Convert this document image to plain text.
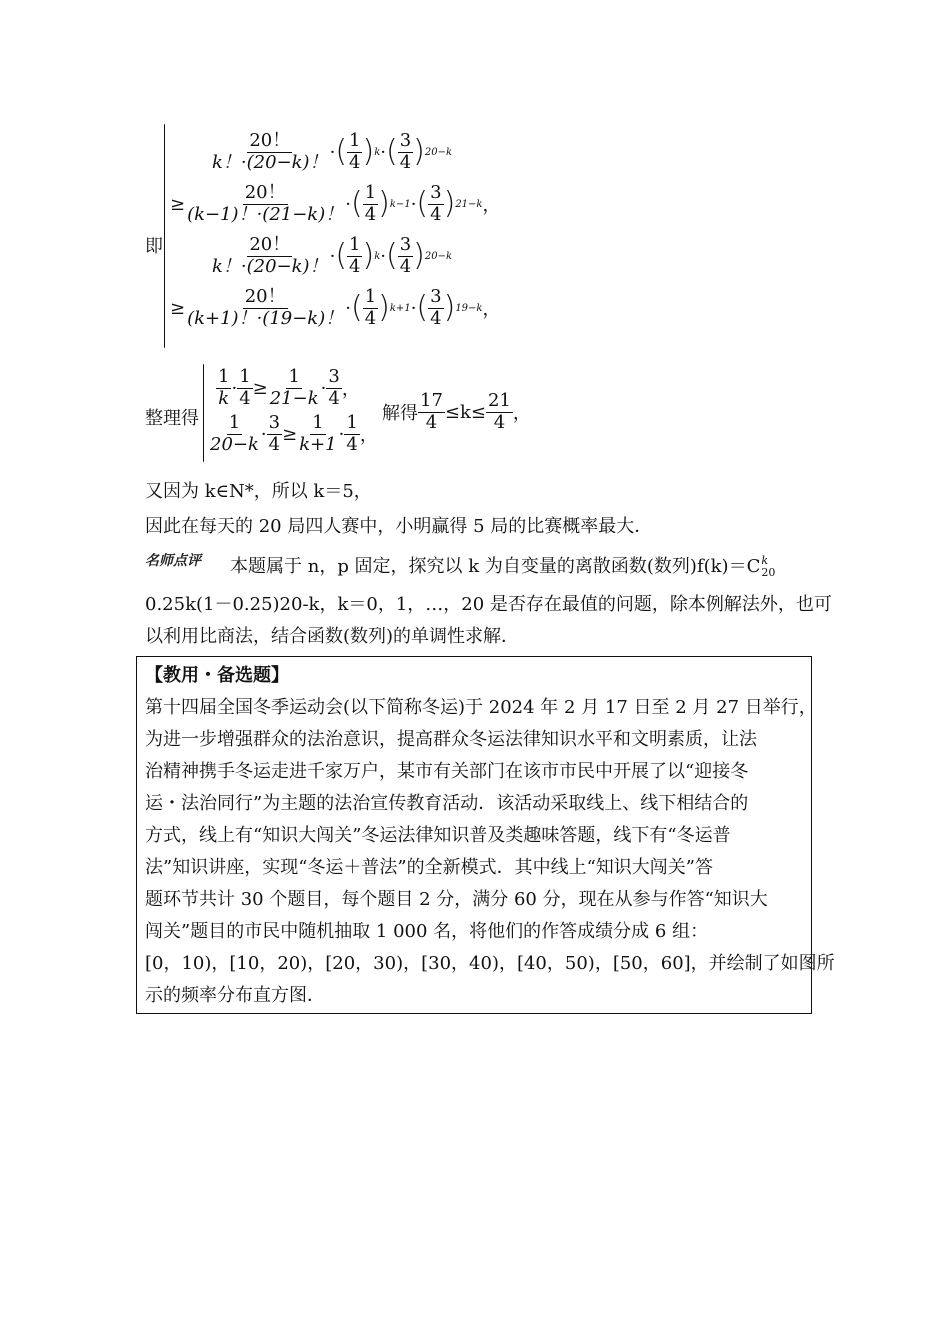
即
$\frac{20!}{k!\cdot(20-k)!}$ · ( $\frac{1}{4}$ ) k · ( $\frac{3}{4}$ ) 20−k
≥ $\frac{20!}{(k-1)!\cdot(21-k)!}$ · ( $\frac{1}{4}$ ) k−1 · ( $\frac{3}{4}$ ) 21−k ，
$\frac{20!}{k!\cdot(20-k)!}$ · ( $\frac{1}{4}$ ) k · ( $\frac{3}{4}$ ) 20−k
≥ $\frac{20!}{(k+1)!\cdot(19-k)!}$ · ( $\frac{1}{4}$ ) k+1 · ( $\frac{3}{4}$ ) 19−k ，
整理得
$\frac{1}{k} \cdot \frac{1}{4} \ge \frac{1}{21-k} \cdot \frac{3}{4}$ ，
$\frac{1}{20-k} \cdot \frac{3}{4} \ge \frac{1}{k+1} \cdot \frac{1}{4}$ ，
解得 $\frac{17}{4} \le k\le \frac{21}{4}$ ，
又因为 k∈N*，所以 k＝5，
因此在每天的 20 局四人赛中，小明赢得 5 局的比赛概率最大．
名师点评 本题属于 n，p 固定，探究以 k 为自变量的离散函数(数列)f(k)＝C k
20
0.25k(1－0.25)20-k，k＝0，1，…，20 是否存在最值的问题，除本例解法外，也可
以利用比商法，结合函数(数列)的单调性求解．
【教用・备选题】
第十四届全国冬季运动会(以下简称冬运)于 2024 年 2 月 17 日至 2 月 27 日举行，
为进一步增强群众的法治意识，提高群众冬运法律知识水平和文明素质，让法
治精神携手冬运走进千家万户，某市有关部门在该市市民中开展了以“迎接冬
运・法治同行”为主题的法治宣传教育活动．该活动采取线上、线下相结合的
方式，线上有“知识大闯关”冬运法律知识普及类趣味答题，线下有“冬运普
法”知识讲座，实现“冬运＋普法”的全新模式．其中线上“知识大闯关”答
题环节共计 30 个题目，每个题目 2 分，满分 60 分，现在从参与作答“知识大
闯关”题目的市民中随机抽取 1 000 名，将他们的作答成绩分成 6 组：
[0，10)，[10，20)，[20，30)，[30，40)，[40，50)，[50，60]，并绘制了如图所
示的频率分布直方图．
